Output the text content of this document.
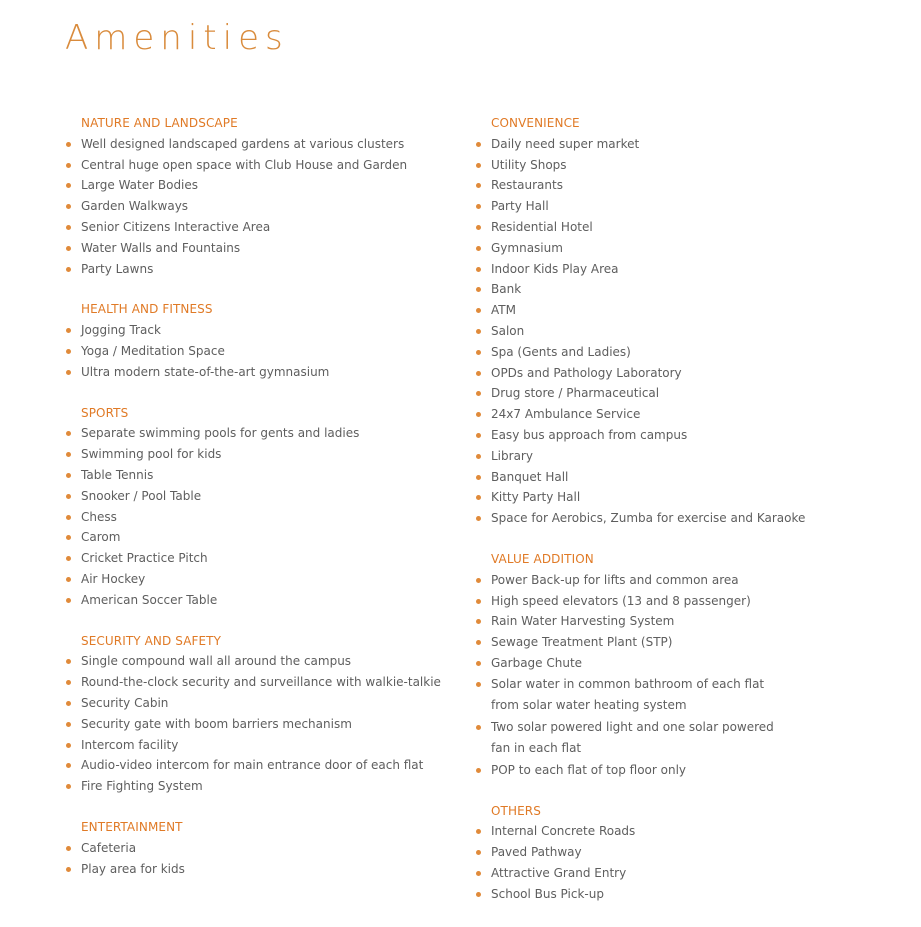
Amenities
NATURE AND LANDSCAPE
Well designed landscaped gardens at various clusters
Central huge open space with Club House and Garden
Large Water Bodies
Garden Walkways
Senior Citizens Interactive Area
Water Walls and Fountains
Party Lawns
HEALTH AND FITNESS
Jogging Track
Yoga / Meditation Space
Ultra modern state-of-the-art gymnasium
SPORTS
Separate swimming pools for gents and ladies
Swimming pool for kids
Table Tennis
Snooker / Pool Table
Chess
Carom
Cricket Practice Pitch
Air Hockey
American Soccer Table
SECURITY AND SAFETY
Single compound wall all around the campus
Round-the-clock security and surveillance with walkie-talkie
Security Cabin
Security gate with boom barriers mechanism
Intercom facility
Audio-video intercom for main entrance door of each flat
Fire Fighting System
ENTERTAINMENT
Cafeteria
Play area for kids
CONVENIENCE
Daily need super market
Utility Shops
Restaurants
Party Hall
Residential Hotel
Gymnasium
Indoor Kids Play Area
Bank
ATM
Salon
Spa (Gents and Ladies)
OPDs and Pathology Laboratory
Drug store / Pharmaceutical
24x7 Ambulance Service
Easy bus approach from campus
Library
Banquet Hall
Kitty Party Hall
Space for Aerobics, Zumba for exercise and Karaoke
VALUE ADDITION
Power Back-up for lifts and common area
High speed elevators (13 and 8 passenger)
Rain Water Harvesting System
Sewage Treatment Plant (STP)
Garbage Chute
Solar water in common bathroom of each flat from solar water heating system
Two solar powered light and one solar powered fan in each flat
POP to each flat of top floor only
OTHERS
Internal Concrete Roads
Paved Pathway
Attractive Grand Entry
School Bus Pick-up
